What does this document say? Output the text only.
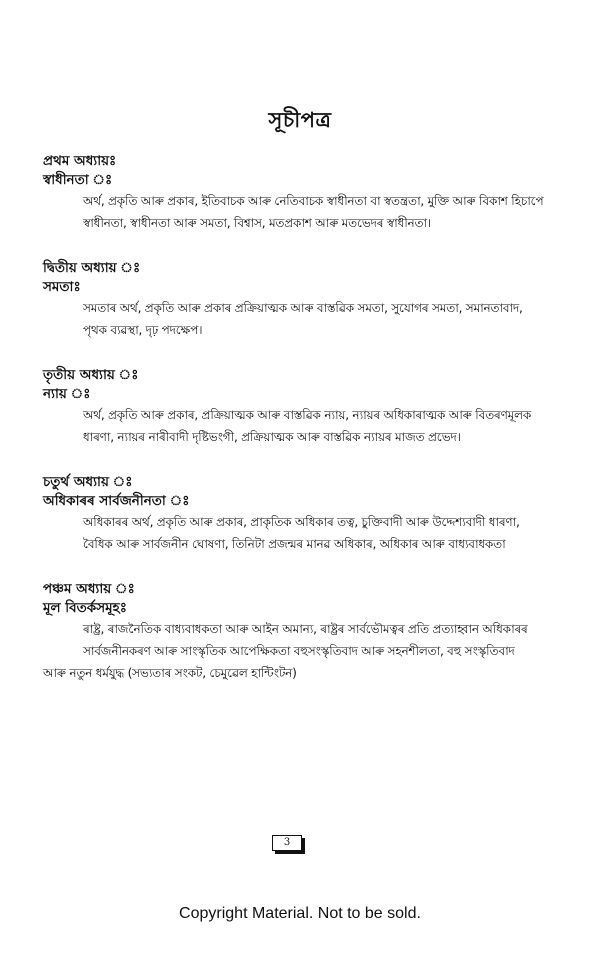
সূচীপত্ৰ
প্ৰথম অধ্যায়ঃ
স্বাধীনতা ঃ
অৰ্থ, প্ৰকৃতি আৰু প্ৰকাৰ, ইতিবাচক আৰু নেতিবাচক স্বাধীনতা বা স্বতন্ত্ৰতা, মুক্তি আৰু বিকাশ হিচাপে
স্বাধীনতা, স্বাধীনতা আৰু সমতা, বিশ্বাস, মতপ্ৰকাশ আৰু মতভেদৰ স্বাধীনতা।
দ্বিতীয় অধ্যায় ঃ
সমতাঃ
সমতাৰ অৰ্থ, প্ৰকৃতি আৰু প্ৰকাৰ প্ৰক্ৰিয়াত্মক আৰু বাস্তৱিক সমতা, সুযোগৰ সমতা, সমানতাবাদ,
পৃথক ব্যৱস্থা, দৃঢ় পদক্ষেপ।
তৃতীয় অধ্যায় ঃ
ন্যায় ঃ
অৰ্থ, প্ৰকৃতি আৰু প্ৰকাৰ, প্ৰক্ৰিয়াত্মক আৰু বাস্তৱিক ন্যায়, ন্যায়ৰ অধিকাৰাত্মক আৰু বিতৰণমূলক
ধাৰণা, ন্যায়ৰ নাৰীবাদী দৃষ্টিভংগী, প্ৰক্ৰিয়াত্মক আৰু বাস্তৱিক ন্যায়ৰ মাজত প্ৰভেদ।
চতুৰ্থ অধ্যায় ঃ
অধিকাৰৰ সাৰ্বজনীনতা ঃ
অধিকাৰৰ অৰ্থ, প্ৰকৃতি আৰু প্ৰকাৰ, প্ৰাকৃতিক অধিকাৰ তত্ব, চুক্তিবাদী আৰু উদ্দেশ্যবাদী ধাৰণা,
বৈধিক আৰু সাৰ্বজনীন ঘোষণা, তিনিটা প্ৰজন্মৰ মানৱ অধিকাৰ, অধিকাৰ আৰু বাধ্যবাধকতা
পঞ্চম অধ্যায় ঃ
মূল বিতৰ্কসমূহঃ
ৰাষ্ট্ৰ, ৰাজনৈতিক বাধ্যবাধকতা আৰু আইন অমান্য, ৰাষ্ট্ৰৰ সাৰ্বভৌমত্বৰ প্ৰতি প্ৰত্যাহ্বান অধিকাৰৰ
সাৰ্বজনীনকৰণ আৰু সাংস্কৃতিক আপেক্ষিকতা বহুসংস্কৃতিবাদ আৰু সহনশীলতা, বহু সংস্কৃতিবাদ
আৰু নতুন ধৰ্মযুদ্ধ (সভ্যতাৰ সংকট, চেমুৱেল হান্টিংটন)
3
Copyright Material. Not to be sold.
